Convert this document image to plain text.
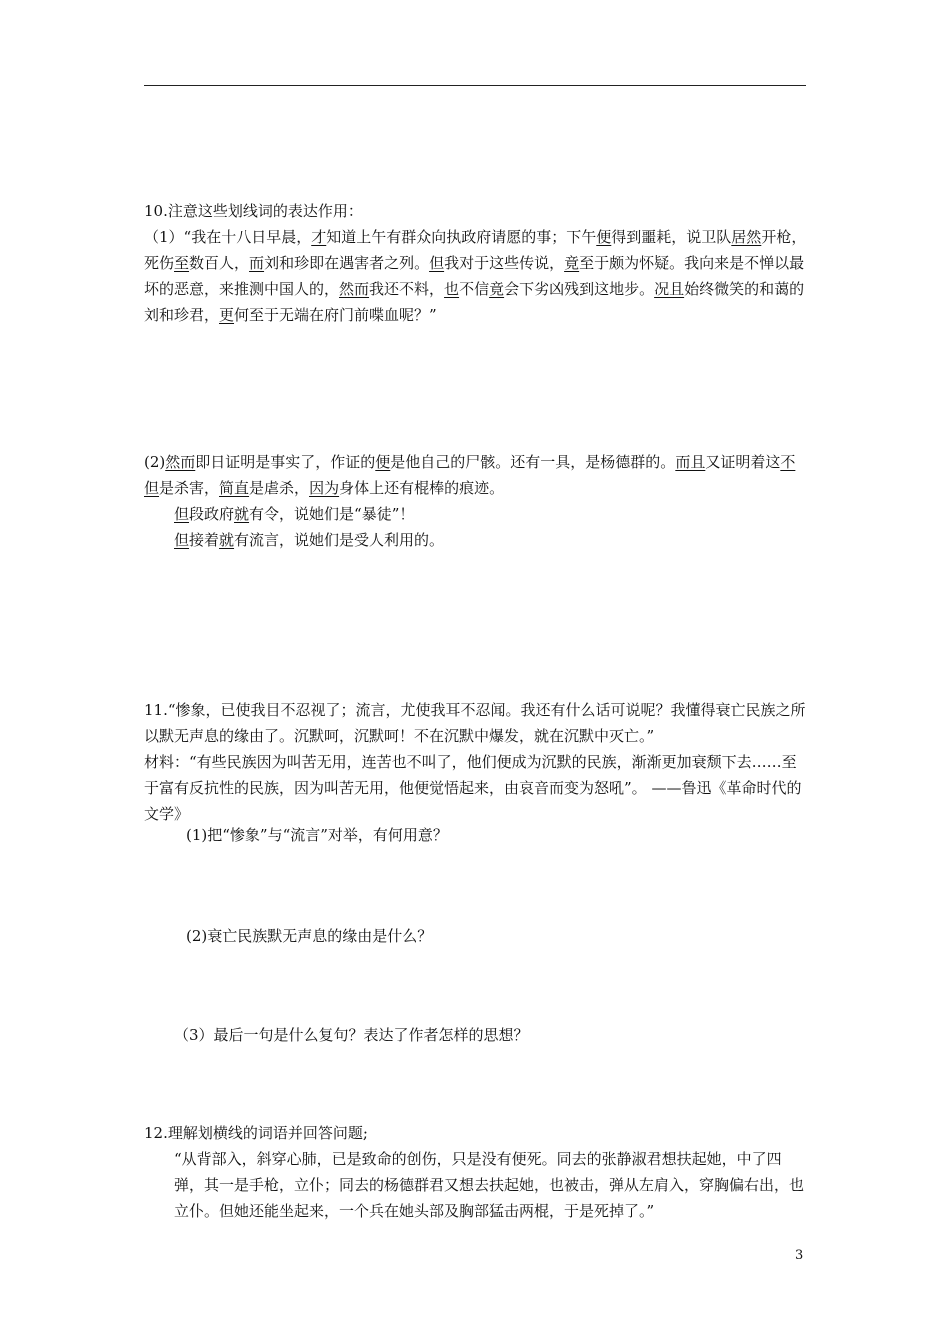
10.注意这些划线词的表达作用：

（1）“我在十八日早晨，才知道上午有群众向执政府请愿的事；下午便得到噩耗，说卫队居然开枪，死伤至数百人，而刘和珍即在遇害者之列。但我对于这些传说，竟至于颇为怀疑。我向来是不惮以最坏的恶意，来推测中国人的，然而我还不料，也不信竟会下劣凶残到这地步。况且始终微笑的和蔼的刘和珍君，更何至于无端在府门前喋血呢？”

(2)然而即日证明是事实了，作证的便是他自己的尸骸。还有一具，是杨德群的。而且又证明着这不但是杀害，简直是虐杀，因为身体上还有棍棒的痕迹。

但段政府就有令，说她们是“暴徒”！

但接着就有流言，说她们是受人利用的。

11.“惨象，已使我目不忍视了；流言，尤使我耳不忍闻。我还有什么话可说呢？我懂得衰亡民族之所以默无声息的缘由了。沉默呵，沉默呵！不在沉默中爆发，就在沉默中灭亡。”

材料：“有些民族因为叫苦无用，连苦也不叫了，他们便成为沉默的民族，渐渐更加衰颓下去……至于富有反抗性的民族，因为叫苦无用，他便觉悟起来，由哀音而变为怒吼”。 ——鲁迅《革命时代的文学》

(1)把“惨象”与“流言”对举，有何用意？

(2)衰亡民族默无声息的缘由是什么？

（3）最后一句是什么复句？表达了作者怎样的思想？

12.理解划横线的词语并回答问题;

“从背部入，斜穿心肺，已是致命的创伤，只是没有便死。同去的张静淑君想扶起她，中了四弹，其一是手枪，立仆；同去的杨德群君又想去扶起她，也被击，弹从左肩入，穿胸偏右出，也立仆。但她还能坐起来，一个兵在她头部及胸部猛击两棍，于是死掉了。”

3
